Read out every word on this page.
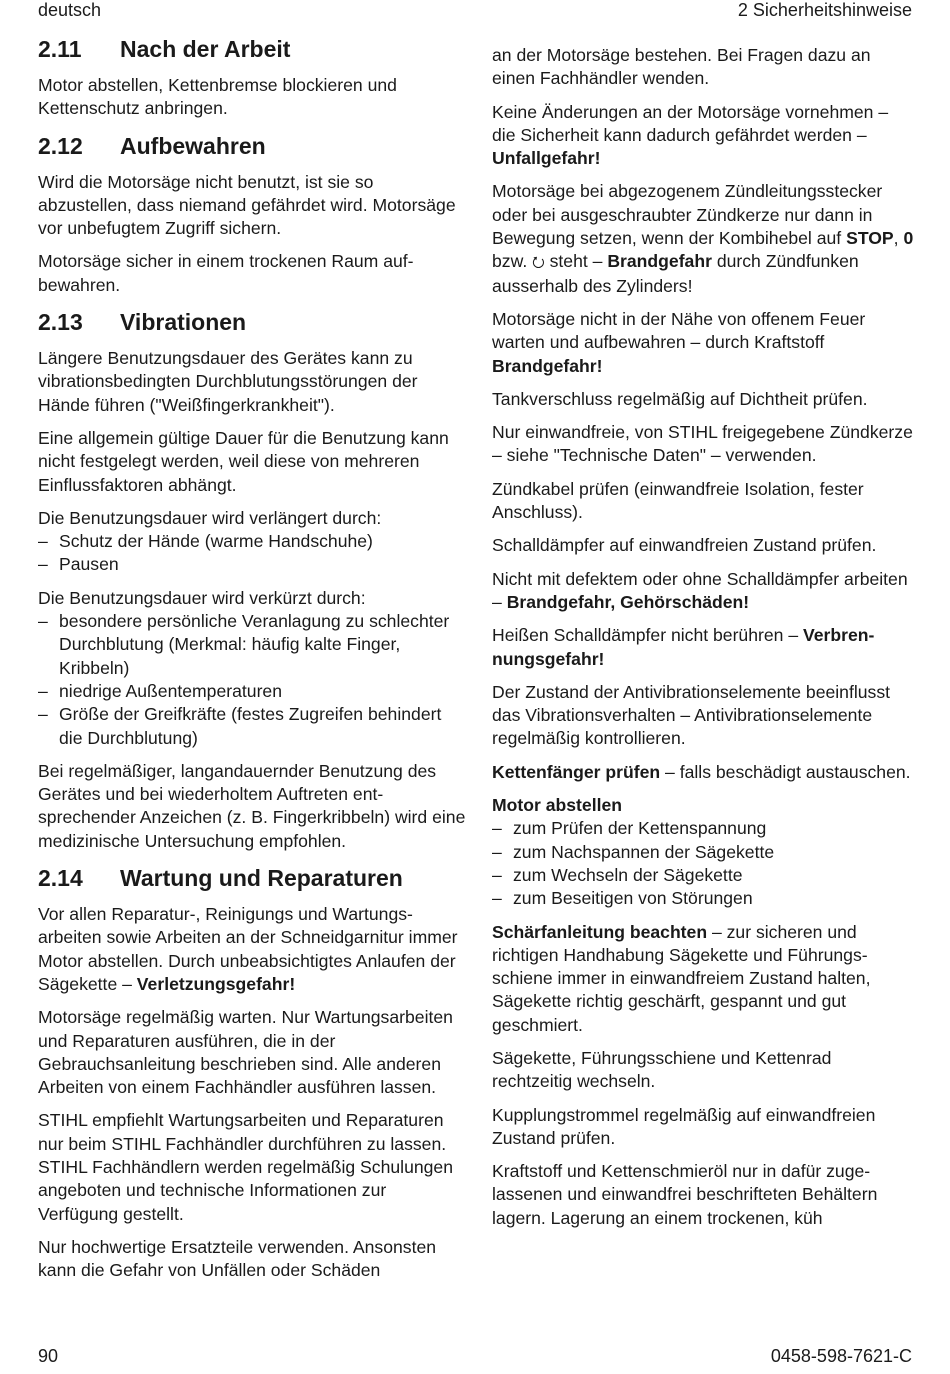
deutsch	2 Sicherheitshinweise
2.11 Nach der Arbeit

Motor abstellen, Kettenbremse blockieren und Kettenschutz anbringen.

2.12 Aufbewahren

Wird die Motorsäge nicht benutzt, ist sie so abzustellen, dass niemand gefährdet wird. Motorsäge vor unbefugtem Zugriff sichern.

Motorsäge sicher in einem trockenen Raum aufbewahren.

2.13 Vibrationen

Längere Benutzungsdauer des Gerätes kann zu vibrationsbedingten Durchblutungsstörungen der Hände führen ("Weißfingerkrankheit").

Eine allgemein gültige Dauer für die Benutzung kann nicht festgelegt werden, weil diese von mehreren Einflussfaktoren abhängt.

Die Benutzungsdauer wird verlängert durch:

– Schutz der Hände (warme Handschuhe)
– Pausen

Die Benutzungsdauer wird verkürzt durch:

– besondere persönliche Veranlagung zu schlechter Durchblutung (Merkmal: häufig kalte Finger, Kribbeln)
– niedrige Außentemperaturen
– Größe der Greifkräfte (festes Zugreifen behindert die Durchblutung)

Bei regelmäßiger, langandauernder Benutzung des Gerätes und bei wiederholtem Auftreten entsprechender Anzeichen (z. B. Fingerkribbeln) wird eine medizinische Untersuchung empfohlen.

2.14 Wartung und Reparaturen

Vor allen Reparatur-, Reinigungs und Wartungsarbeiten sowie Arbeiten an der Schneidgarnitur immer Motor abstellen. Durch unbeabsichtigtes Anlaufen der Sägekette – Verletzungsgefahr!

Motorsäge regelmäßig warten. Nur Wartungsarbeiten und Reparaturen ausführen, die in der Gebrauchsanleitung beschrieben sind. Alle anderen Arbeiten von einem Fachhändler ausführen lassen.

STIHL empfiehlt Wartungsarbeiten und Reparaturen nur beim STIHL Fachhändler durchführen zu lassen. STIHL Fachhändlern werden regelmäßig Schulungen angeboten und technische Informationen zur Verfügung gestellt.

Nur hochwertige Ersatzteile verwenden. Ansonsten kann die Gefahr von Unfällen oder Schäden

an der Motorsäge bestehen. Bei Fragen dazu an einen Fachhändler wenden.

Keine Änderungen an der Motorsäge vornehmen – die Sicherheit kann dadurch gefährdet werden – Unfallgefahr!

Motorsäge bei abgezogenem Zündleitungsstecker oder bei ausgeschraubter Zündkerze nur dann in Bewegung setzen, wenn der Kombihebel auf STOP, 0 bzw. ⭮ steht – Brandgefahr durch Zündfunken ausserhalb des Zylinders!

Motorsäge nicht in der Nähe von offenem Feuer warten und aufbewahren – durch Kraftstoff Brandgefahr!

Tankverschluss regelmäßig auf Dichtheit prüfen.

Nur einwandfreie, von STIHL freigegebene Zündkerze – siehe "Technische Daten" – verwenden.

Zündkabel prüfen (einwandfreie Isolation, fester Anschluss).

Schalldämpfer auf einwandfreien Zustand prüfen.

Nicht mit defektem oder ohne Schalldämpfer arbeiten – Brandgefahr, Gehörschäden!

Heißen Schalldämpfer nicht berühren – Verbrennungsgefahr!

Der Zustand der Antivibrationselemente beeinflusst das Vibrationsverhalten – Antivibrationselemente regelmäßig kontrollieren.

Kettenfänger prüfen – falls beschädigt austauschen.

Motor abstellen

– zum Prüfen der Kettenspannung
– zum Nachspannen der Sägekette
– zum Wechseln der Sägekette
– zum Beseitigen von Störungen

Schärfanleitung beachten – zur sicheren und richtigen Handhabung Sägekette und Führungsschiene immer in einwandfreiem Zustand halten, Sägekette richtig geschärft, gespannt und gut geschmiert.

Sägekette, Führungsschiene und Kettenrad rechtzeitig wechseln.

Kupplungstrommel regelmäßig auf einwandfreien Zustand prüfen.

Kraftstoff und Kettenschmieröl nur in dafür zugelassenen und einwandfrei beschrifteten Behältern lagern. Lagerung an einem trockenen, küh

90	0458-598-7621-C
